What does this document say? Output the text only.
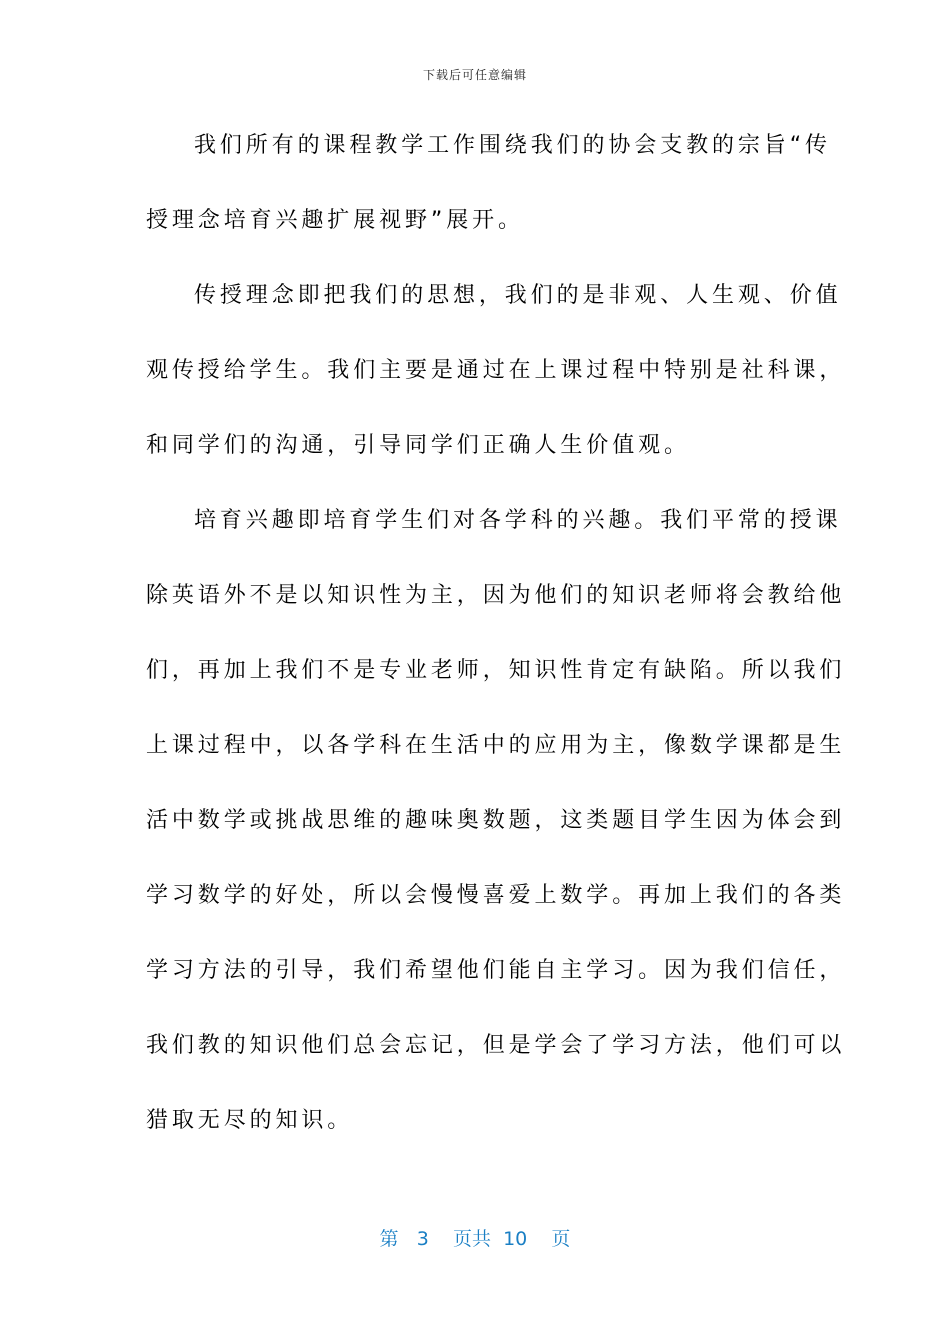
下载后可任意编辑
我们所有的课程教学工作围绕我们的协会支教的宗旨“传
授理念培育兴趣扩展视野”展开。
传授理念即把我们的思想，我们的是非观、人生观、价值
观传授给学生。我们主要是通过在上课过程中特别是社科课，
和同学们的沟通，引导同学们正确人生价值观。
培育兴趣即培育学生们对各学科的兴趣。我们平常的授课
除英语外不是以知识性为主，因为他们的知识老师将会教给他
们，再加上我们不是专业老师，知识性肯定有缺陷。所以我们
上课过程中，以各学科在生活中的应用为主，像数学课都是生
活中数学或挑战思维的趣味奥数题，这类题目学生因为体会到
学习数学的好处，所以会慢慢喜爱上数学。再加上我们的各类
学习方法的引导，我们希望他们能自主学习。因为我们信任，
我们教的知识他们总会忘记，但是学会了学习方法，他们可以
猎取无尽的知识。
第 3 页共 10 页
